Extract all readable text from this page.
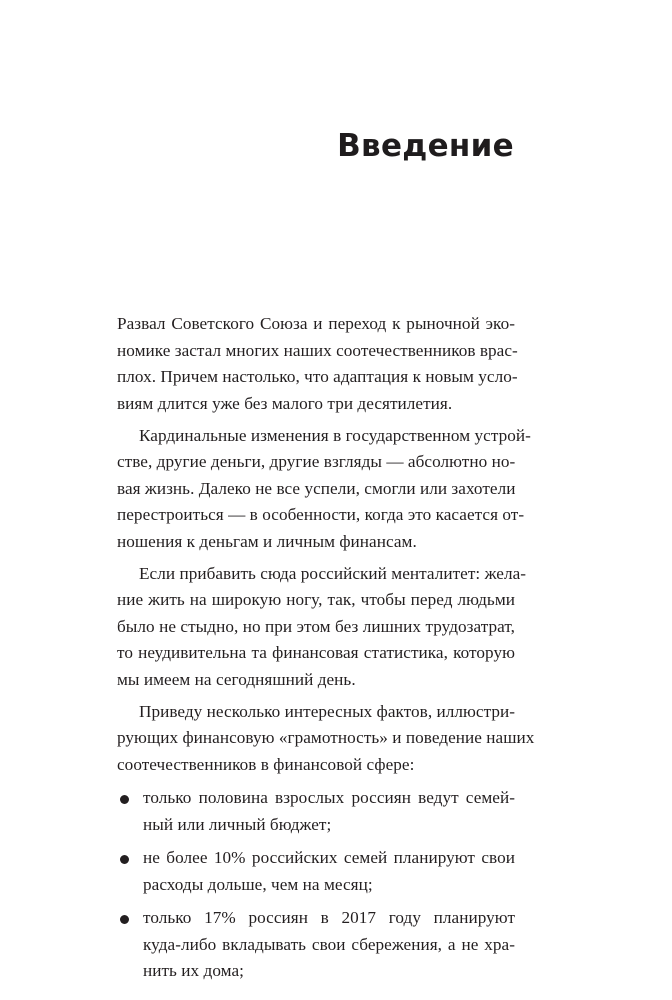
Введение

Развал Советского Союза и переход к рыночной эко-
номике застал многих наших соотечественников врас-
плох. Причем настолько, что адаптация к новым усло-
виям длится уже без малого три десятилетия.

Кардинальные изменения в государственном устрой-
стве, другие деньги, другие взгляды — абсолютно но-
вая жизнь. Далеко не все успели, смогли или захотели
перестроиться — в особенности, когда это касается от-
ношения к деньгам и личным финансам.

Если прибавить сюда российский менталитет: жела-
ние жить на широкую ногу, так, чтобы перед людьми
было не стыдно, но при этом без лишних трудозатрат,
то неудивительна та финансовая статистика, которую
мы имеем на сегодняшний день.

Приведу несколько интересных фактов, иллюстри-
рующих финансовую «грамотность» и поведение наших
соотечественников в финансовой сфере:

только половина взрослых россиян ведут семей-
ный или личный бюджет;
не более 10% российских семей планируют свои
расходы дольше, чем на месяц;
только 17% россиян в 2017 году планируют
куда-либо вкладывать свои сбережения, а не хра-
нить их дома;
